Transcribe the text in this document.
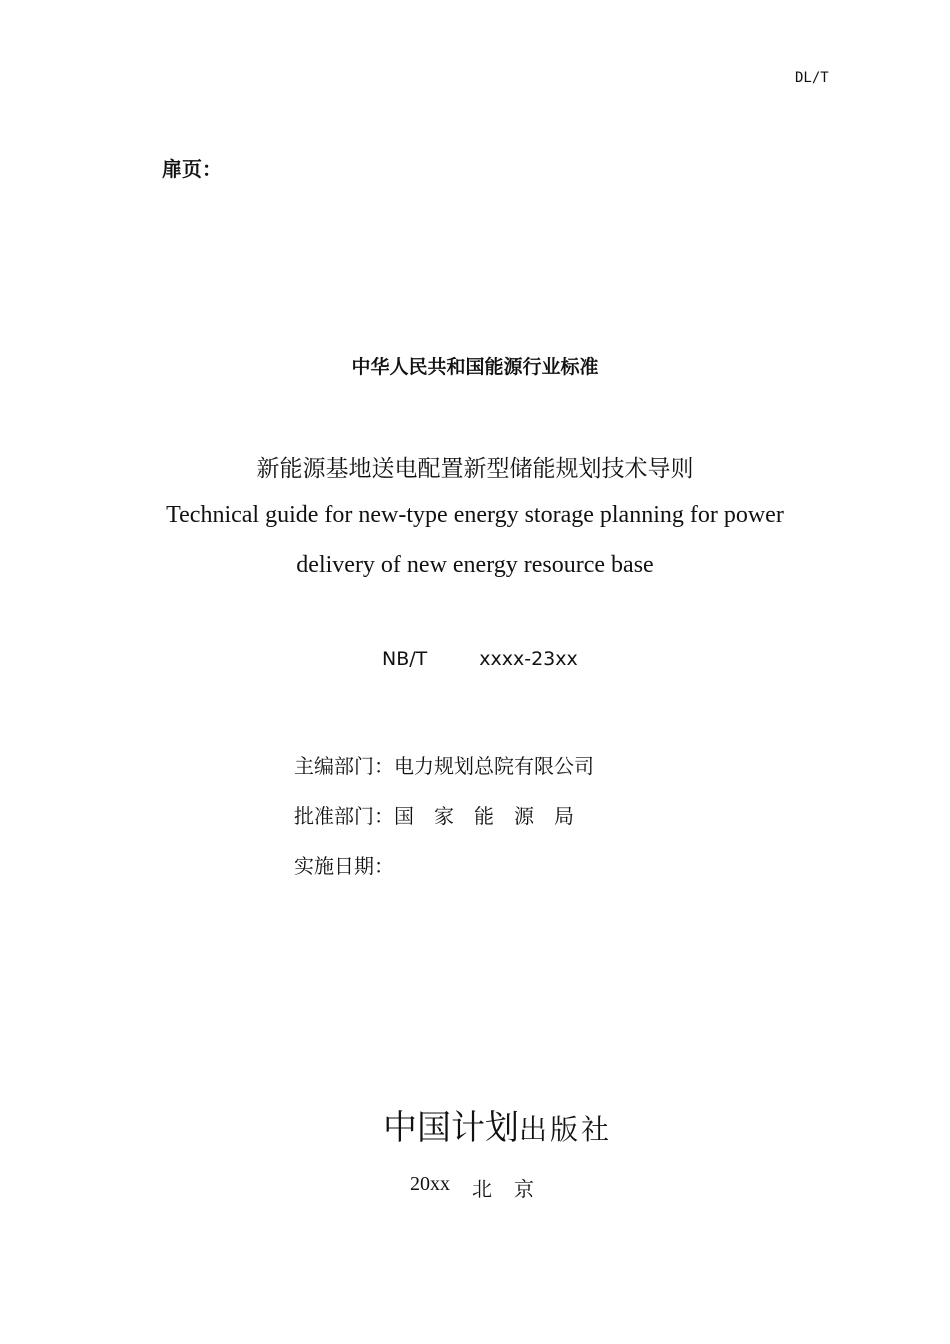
DL/T
扉页：
中华人民共和国能源行业标准
新能源基地送电配置新型储能规划技术导则
Technical guide for new-type energy storage planning for power
delivery of new energy resource base
NB/T	xxxx-23xx
主编部门：电力规划总院有限公司
批准部门：国 家 能 源 局
实施日期：
中国计划 出版社
20xx 北 京
